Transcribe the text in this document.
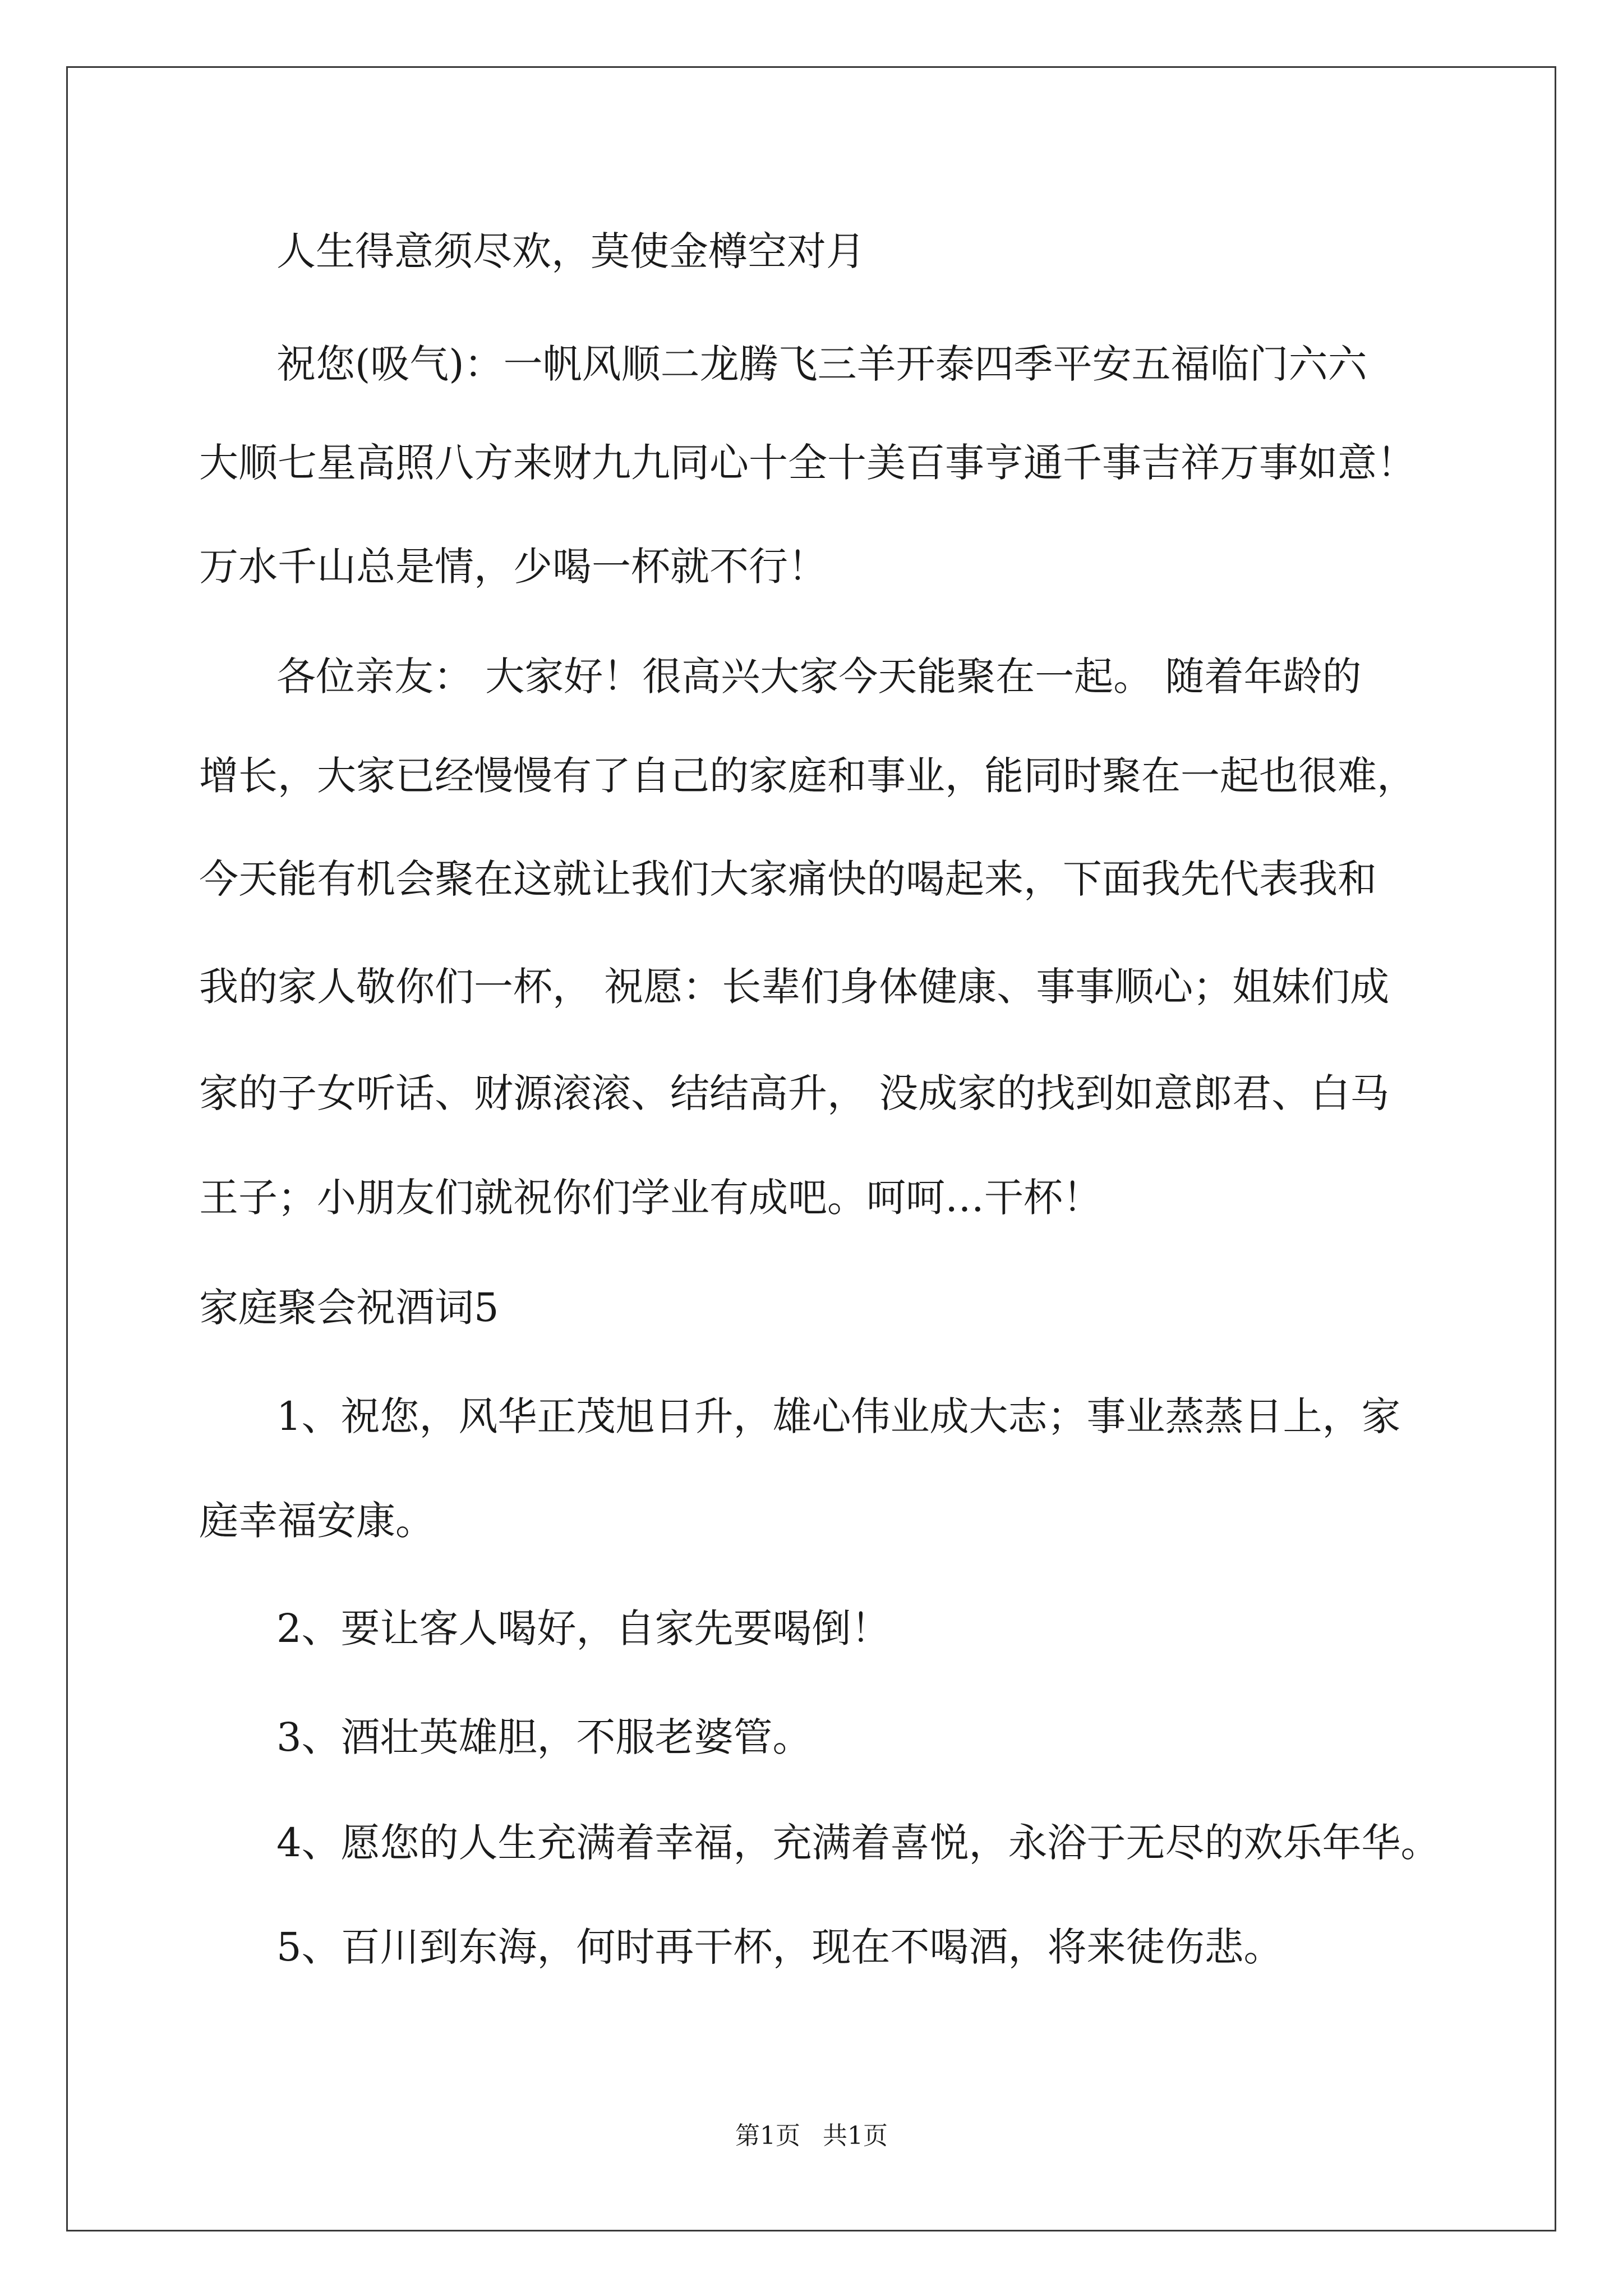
人生得意须尽欢，莫使金樽空对月
祝您(吸气)：一帆风顺二龙腾飞三羊开泰四季平安五福临门六六
大顺七星高照八方来财九九同心十全十美百事亨通千事吉祥万事如意！
万水千山总是情，少喝一杯就不行！
各位亲友： 大家好！很高兴大家今天能聚在一起。 随着年龄的
增长，大家已经慢慢有了自己的家庭和事业，能同时聚在一起也很难，
今天能有机会聚在这就让我们大家痛快的喝起来，下面我先代表我和
我的家人敬你们一杯， 祝愿：长辈们身体健康、事事顺心；姐妹们成
家的子女听话、财源滚滚、结结高升， 没成家的找到如意郎君、白马
王子；小朋友们就祝你们学业有成吧。呵呵…干杯！
家庭聚会祝酒词5
1、祝您，风华正茂旭日升，雄心伟业成大志；事业蒸蒸日上，家
庭幸福安康。
2、要让客人喝好，自家先要喝倒！
3、酒壮英雄胆，不服老婆管。
4、愿您的人生充满着幸福，充满着喜悦，永浴于无尽的欢乐年华。
5、百川到东海，何时再干杯，现在不喝酒，将来徒伤悲。
第1页 共1页
